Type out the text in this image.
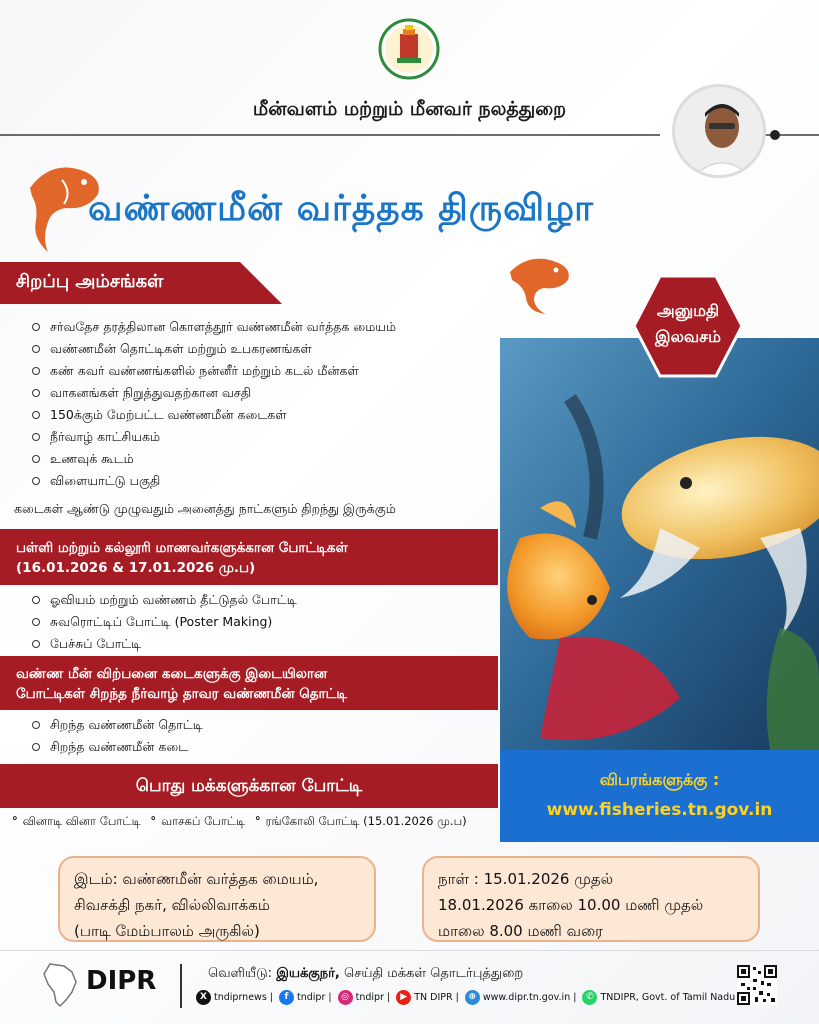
மீன்வளம் மற்றும் மீனவர் நலத்துறை
வண்ணமீன் வர்த்தக திருவிழா
சிறப்பு அம்சங்கள்
சர்வதேச தரத்திலான கொளத்தூர் வண்ணமீன் வர்த்தக மையம்
வண்ணமீன் தொட்டிகள் மற்றும் உபகரணங்கள்
கண் கவர் வண்ணங்களில் நன்னீர் மற்றும் கடல் மீன்கள்
வாகனங்கள் நிறுத்துவதற்கான வசதி
150க்கும் மேற்பட்ட வண்ணமீன் கடைகள்
நீர்வாழ் காட்சியகம்
உணவுக் கூடம்
விளையாட்டு பகுதி
கடைகள் ஆண்டு முழுவதும் அனைத்து நாட்களும் திறந்து இருக்கும்
அனுமதி
இலவசம்
பள்ளி மற்றும் கல்லூரி மாணவர்களுக்கான போட்டிகள்
(16.01.2026 & 17.01.2026 மு.ப)
ஓவியம் மற்றும் வண்ணம் தீட்டுதல் போட்டி
சுவரொட்டிப் போட்டி (Poster Making)
பேச்சுப் போட்டி
வண்ண மீன் விற்பனை கடைகளுக்கு இடையிலான
போட்டிகள் சிறந்த நீர்வாழ் தாவர வண்ணமீன் தொட்டி
சிறந்த வண்ணமீன் தொட்டி
சிறந்த வண்ணமீன் கடை
பொது மக்களுக்கான போட்டி
° வினாடி வினா போட்டி ° வாசகப் போட்டி ° ரங்கோலி போட்டி (15.01.2026 மு.ப)
விபரங்களுக்கு :
www.fisheries.tn.gov.in
இடம்: வண்ணமீன் வர்த்தக மையம்,
சிவசக்தி நகர், வில்லிவாக்கம்
(பாடி மேம்பாலம் அருகில்)
நாள் : 15.01.2026 முதல்
18.01.2026 காலை 10.00 மணி முதல்
மாலை 8.00 மணி வரை
DIPR	வெளியீடு: இயக்குநர், செய்தி மக்கள் தொடர்புத்துறை
X tndiprnews |	f tndipr |	◎ tndipr |	▶ TN DIPR |	⊕ www.dipr.tn.gov.in |	✆ TNDIPR, Govt. of Tamil Nadu
